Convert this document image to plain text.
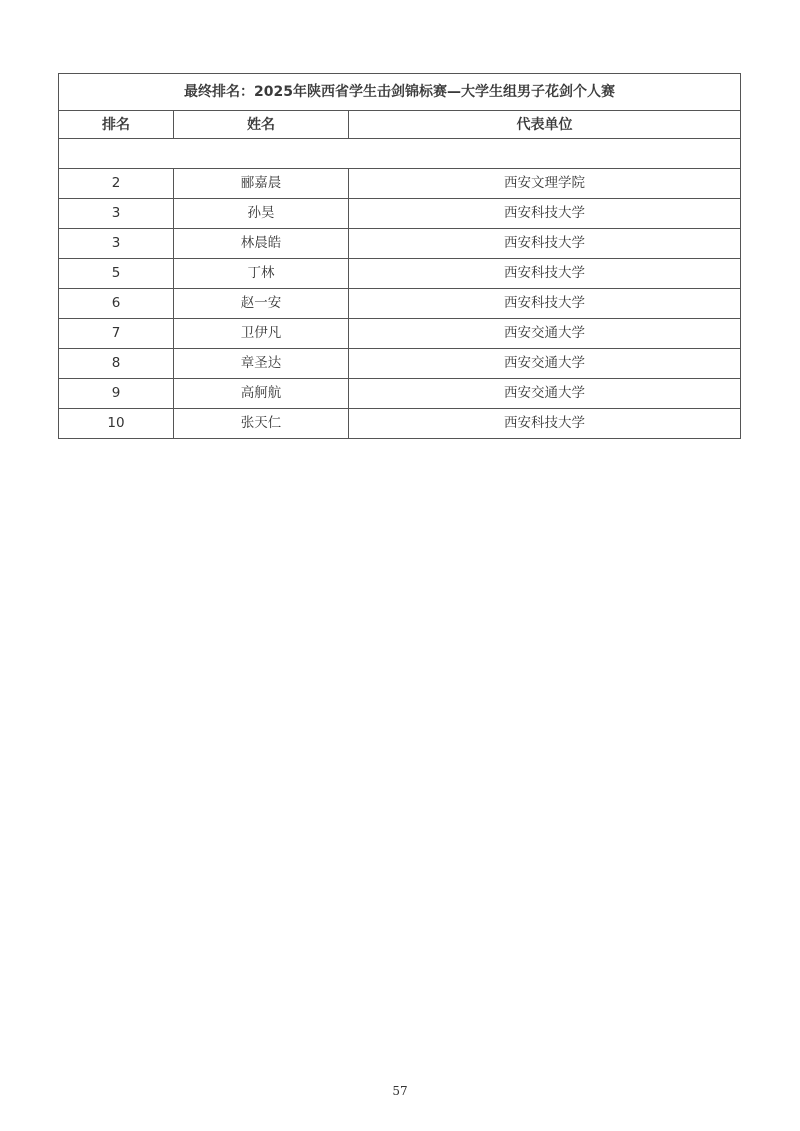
最终排名：2025年陕西省学生击剑锦标赛—大学生组男子花剑个人赛		
排名	姓名	代表单位

2	郦嘉晨	西安文理学院
3	孙昊	西安科技大学
3	林晨皓	西安科技大学
5	丁林	西安科技大学
6	赵一安	西安科技大学
7	卫伊凡	西安交通大学
8	章圣达	西安交通大学
9	高舸航	西安交通大学
10	张天仁	西安科技大学
57
